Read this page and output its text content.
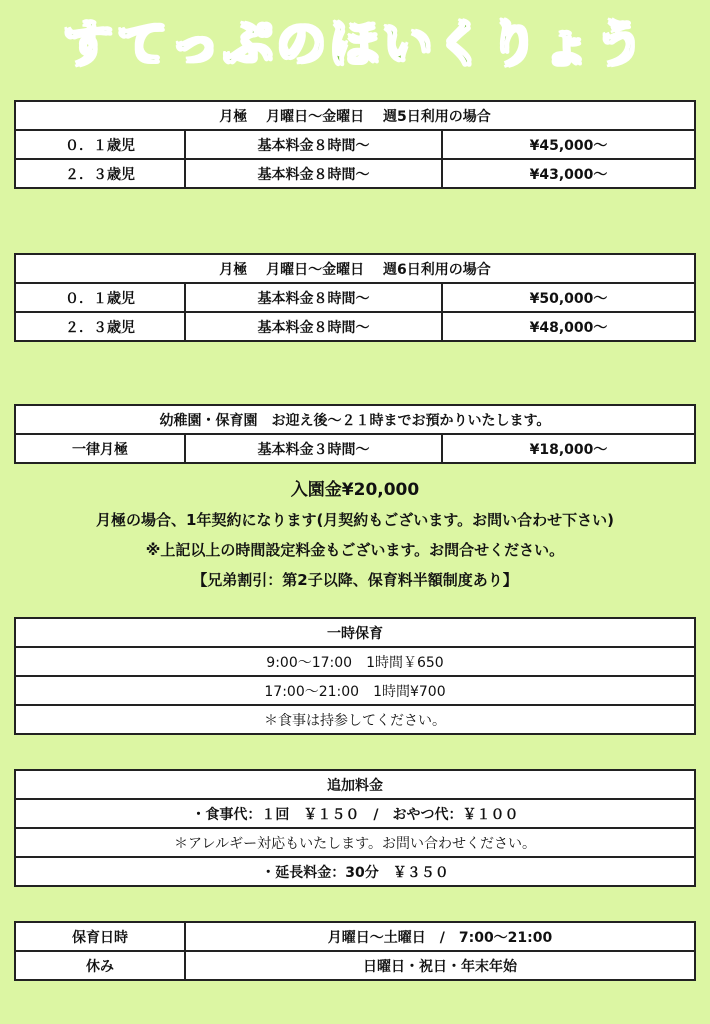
すてっぷのほいくりょう
月極　 月曜日～金曜日　 週5日利用の場合		
０．１歳児	基本料金８時間～	¥45,000～
２．３歳児	基本料金８時間～	¥43,000～
月極　 月曜日～金曜日　 週6日利用の場合		
０．１歳児	基本料金８時間～	¥50,000～
２．３歳児	基本料金８時間～	¥48,000～
幼稚園・保育園　お迎え後～２１時までお預かりいたします。
一律月極	基本料金３時間～	¥18,000～
入園金¥20,000
月極の場合、1年契約になります(月契約もございます。お問い合わせ下さい)
※上記以上の時間設定料金もございます。お問合せください。
【兄弟割引：第2子以降、保育料半額制度あり】
一時保育
9:00～17:00　1時間￥650
17:00～21:00　1時間¥700
＊食事は持参してください。
追加料金
・食事代：１回　￥１５０　/　おやつ代：￥１００
＊アレルギー対応もいたします。お問い合わせください。
・延長料金：30分　￥３５０
保育日時	月曜日～土曜日　/　7:00～21:00
休み	日曜日・祝日・年末年始
